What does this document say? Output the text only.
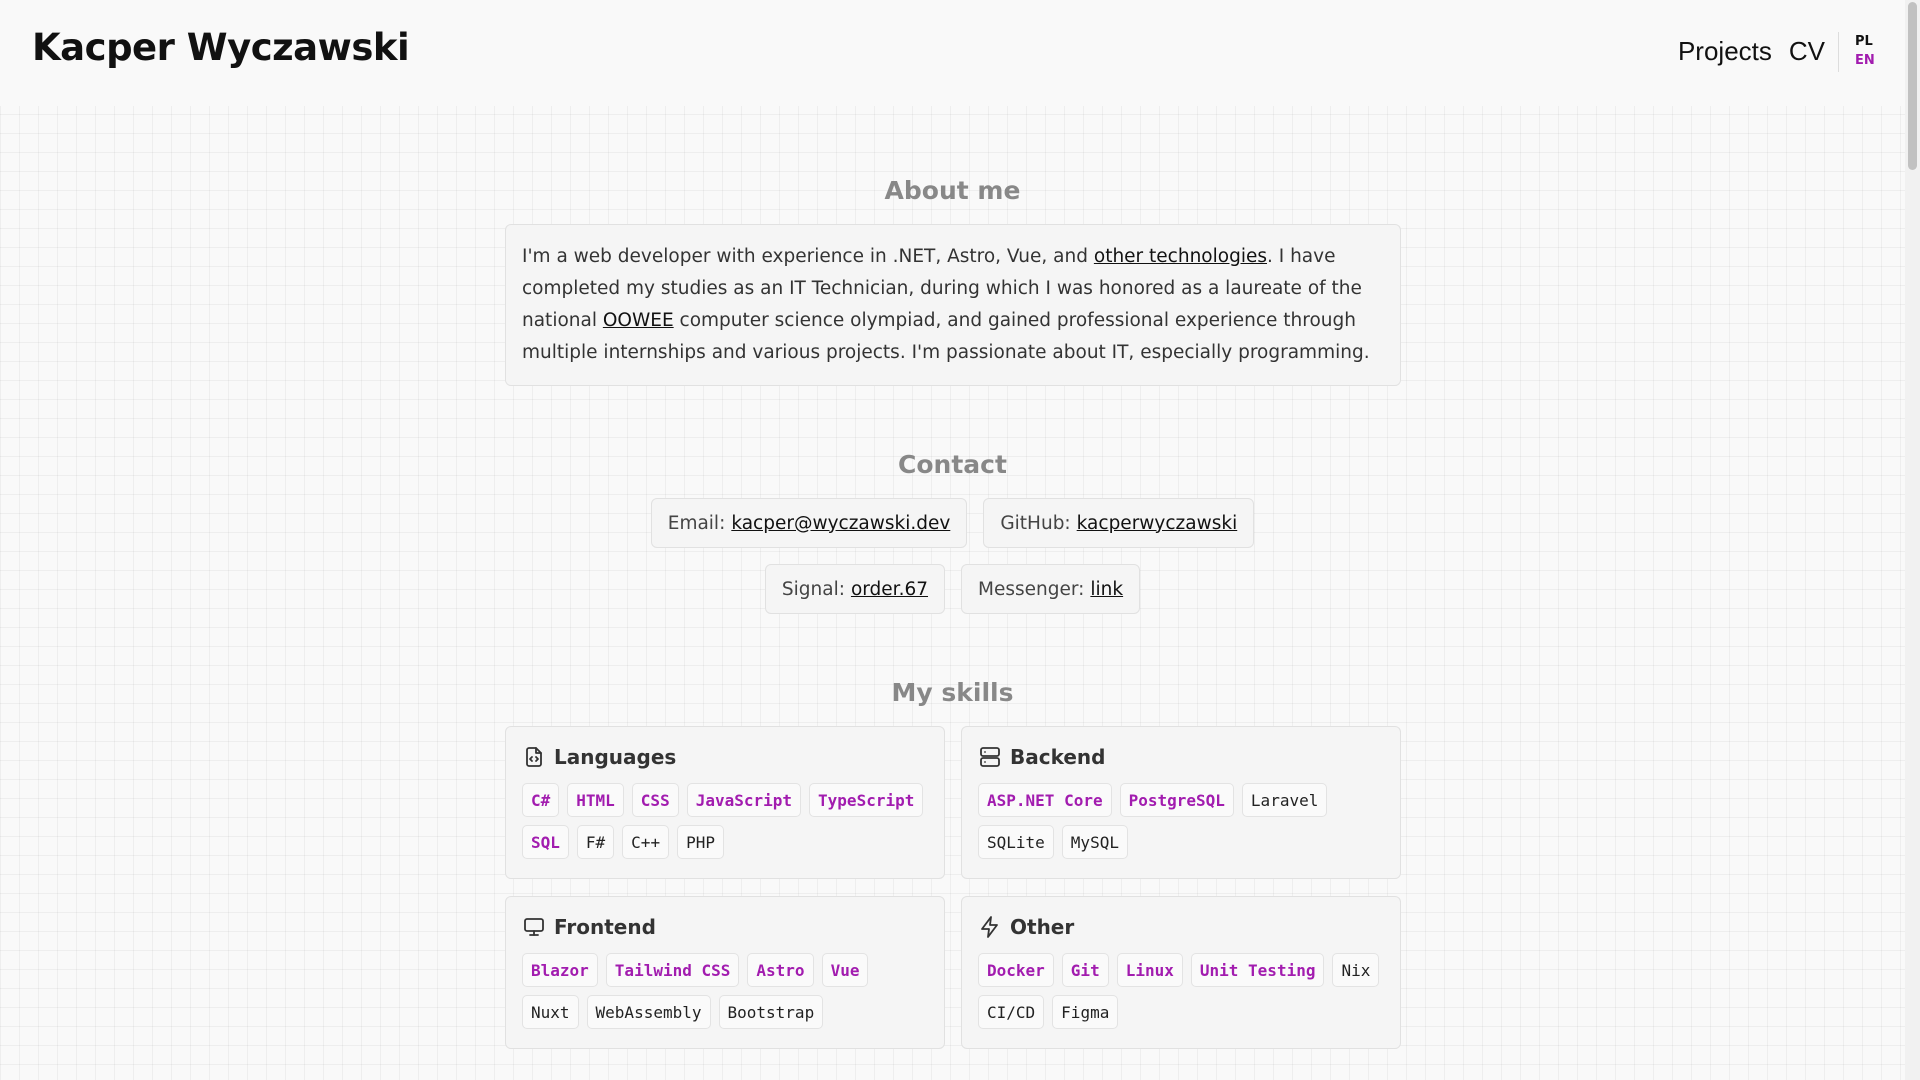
Kacper Wyczawski	Projects CV PL
EN
About me
I'm a web developer with experience in .NET, Astro, Vue, and other technologies. I have completed my studies as an IT Technician, during which I was honored as a laureate of the national OOWEE computer science olympiad, and gained professional experience through multiple internships and various projects. I'm passionate about IT, especially programming.
Contact
Email: kacper@wyczawski.dev	GitHub: kacperwyczawski
Signal: order.67	Messenger: link
My skills
Languages
C#	HTML	CSS	JavaScript	TypeScript
SQL	F#	C++	PHP
Backend
ASP.NET Core	PostgreSQL	Laravel
SQLite	MySQL
Frontend
Blazor	Tailwind CSS	Astro	Vue
Nuxt	WebAssembly	Bootstrap
Other
Docker	Git	Linux	Unit Testing	Nix
CI/CD	Figma
